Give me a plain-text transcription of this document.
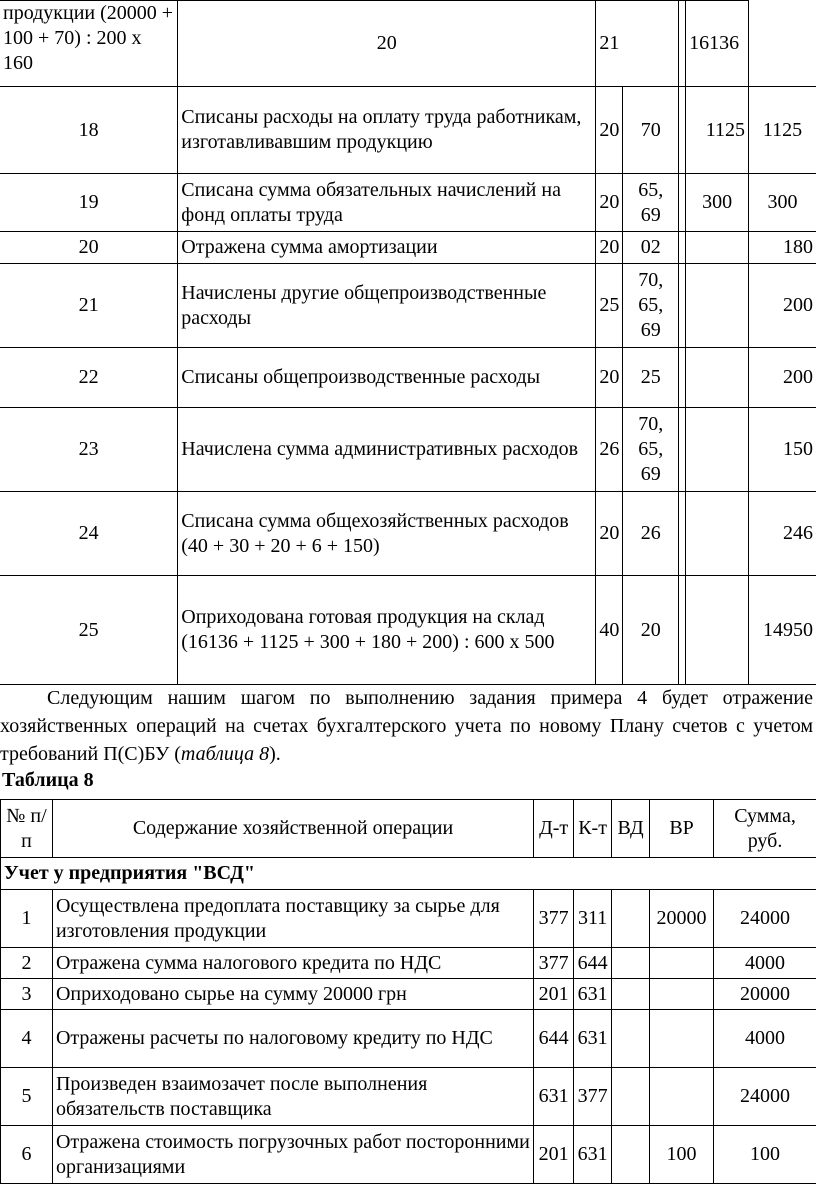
продукции (20000 + 100 + 70) : 200 х 160	20	21			16136	
18	Списаны расходы на оплату труда работникам, изготавливавшим продукцию	20	70		1125	1125
19	Списана сумма обязательных начислений на фонд оплаты труда	20	65, 69		300	300
20	Отражена сумма амортизации	20	02			180
21	Начислены другие общепроизводственные расходы	25	70, 65, 69			200
22	Списаны общепроизводственные расходы	20	25			200
23	Начислена сумма административных расходов	26	70, 65, 69			150
24	Списана сумма общехозяйственных расходов (40 + 30 + 20 + 6 + 150)	20	26			246
25	Оприходована готовая продукция на склад (16136 + 1125 + 300 + 180 + 200) : 600 х 500	40	20			14950

Следующим нашим шагом по выполнению задания примера 4 будет отражение хозяйственных операций на счетах бухгалтерского учета по новому Плану счетов с учетом требований П(С)БУ (таблица 8).

Таблица 8
№ п/п	Содержание хозяйственной операции	Д-т	К-т	ВД	ВР	Сумма, руб.
Учет у предприятия "ВСД"						
1	Осуществлена предоплата поставщику за сырье для изготовления продукции	377	311		20000	24000
2	Отражена сумма налогового кредита по НДС	377	644			4000
3	Оприходовано сырье на сумму 20000 грн	201	631			20000
4	Отражены расчеты по налоговому кредиту по НДС	644	631			4000
5	Произведен взаимозачет после выполнения обязательств поставщика	631	377			24000
6	Отражена стоимость погрузочных работ посторонними организациями	201	631		100	100
